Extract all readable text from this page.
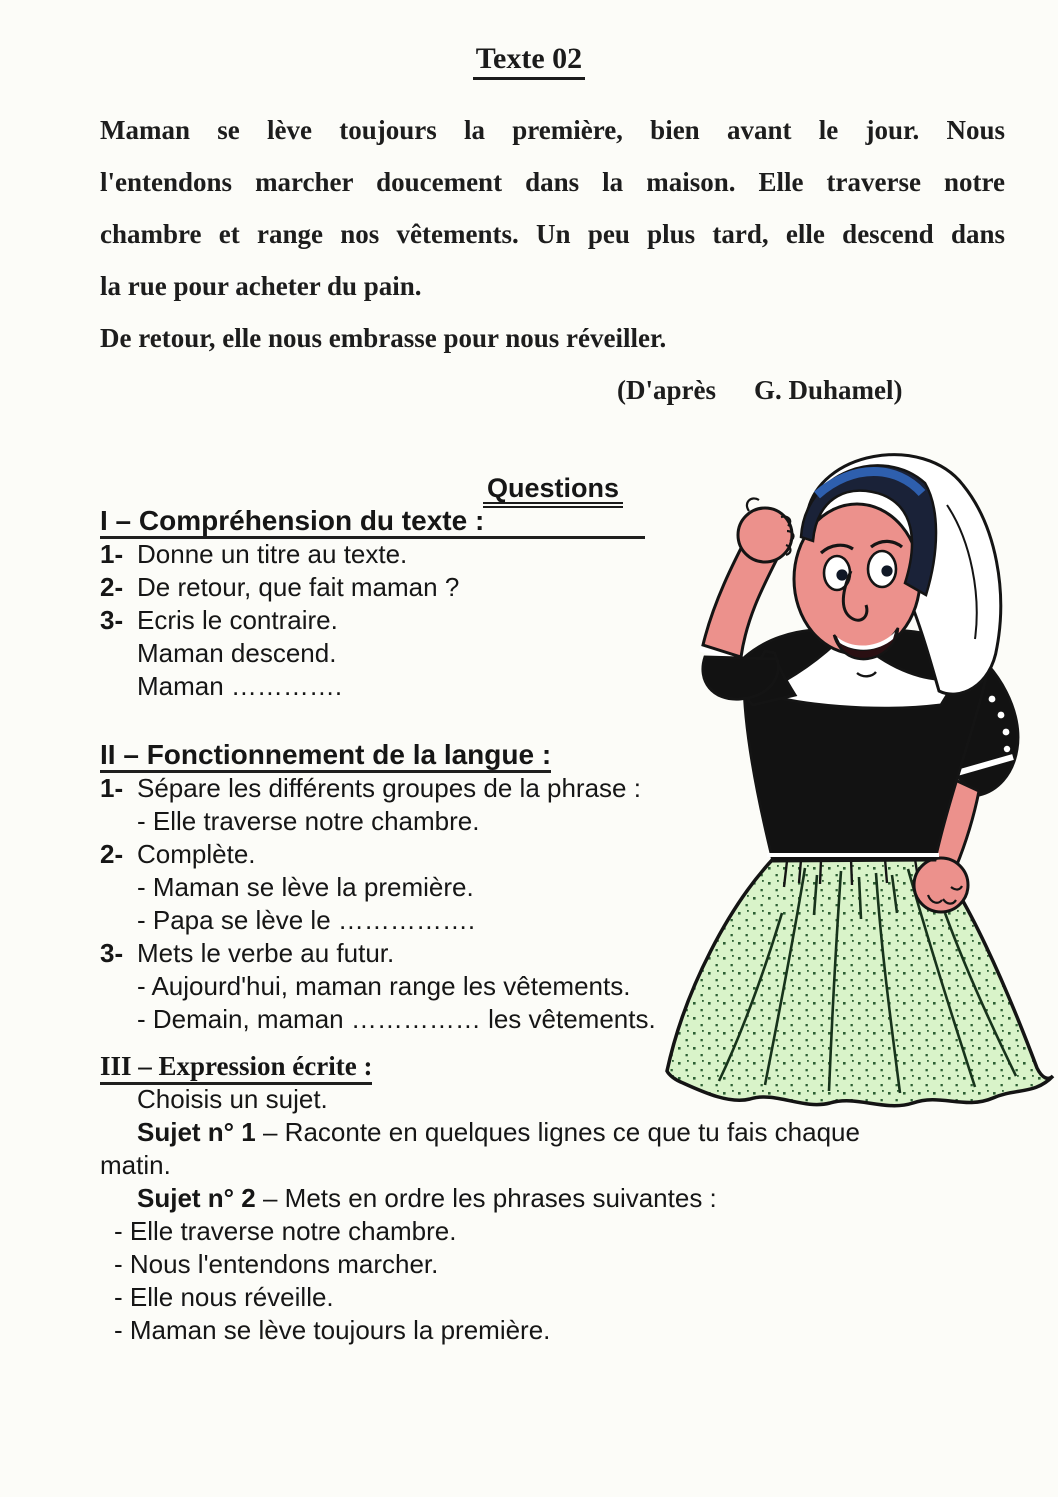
Texte 02
Maman se lève toujours la première, bien avant le jour. Nous
l'entendons marcher doucement dans la maison. Elle traverse notre
chambre et range nos vêtements. Un peu plus tard, elle descend dans
la rue pour acheter du pain.
De retour, elle nous embrasse pour nous réveiller.
(D'après G. Duhamel)
Questions
I – Compréhension du texte :
1- Donne un titre au texte.
2- De retour, que fait maman ?
3- Ecris le contraire.
Maman descend.
Maman ………….
II – Fonctionnement de la langue :
1- Sépare les différents groupes de la phrase :
- Elle traverse notre chambre.
2- Complète.
- Maman se lève la première.
- Papa se lève le …………….
3- Mets le verbe au futur.
- Aujourd'hui, maman range les vêtements.
- Demain, maman …………… les vêtements.
III – Expression écrite :
Choisis un sujet.
Sujet n° 1 – Raconte en quelques lignes ce que tu fais chaque
matin.
Sujet n° 2 – Mets en ordre les phrases suivantes :
- Elle traverse notre chambre.
- Nous l'entendons marcher.
- Elle nous réveille.
- Maman se lève toujours la première.
